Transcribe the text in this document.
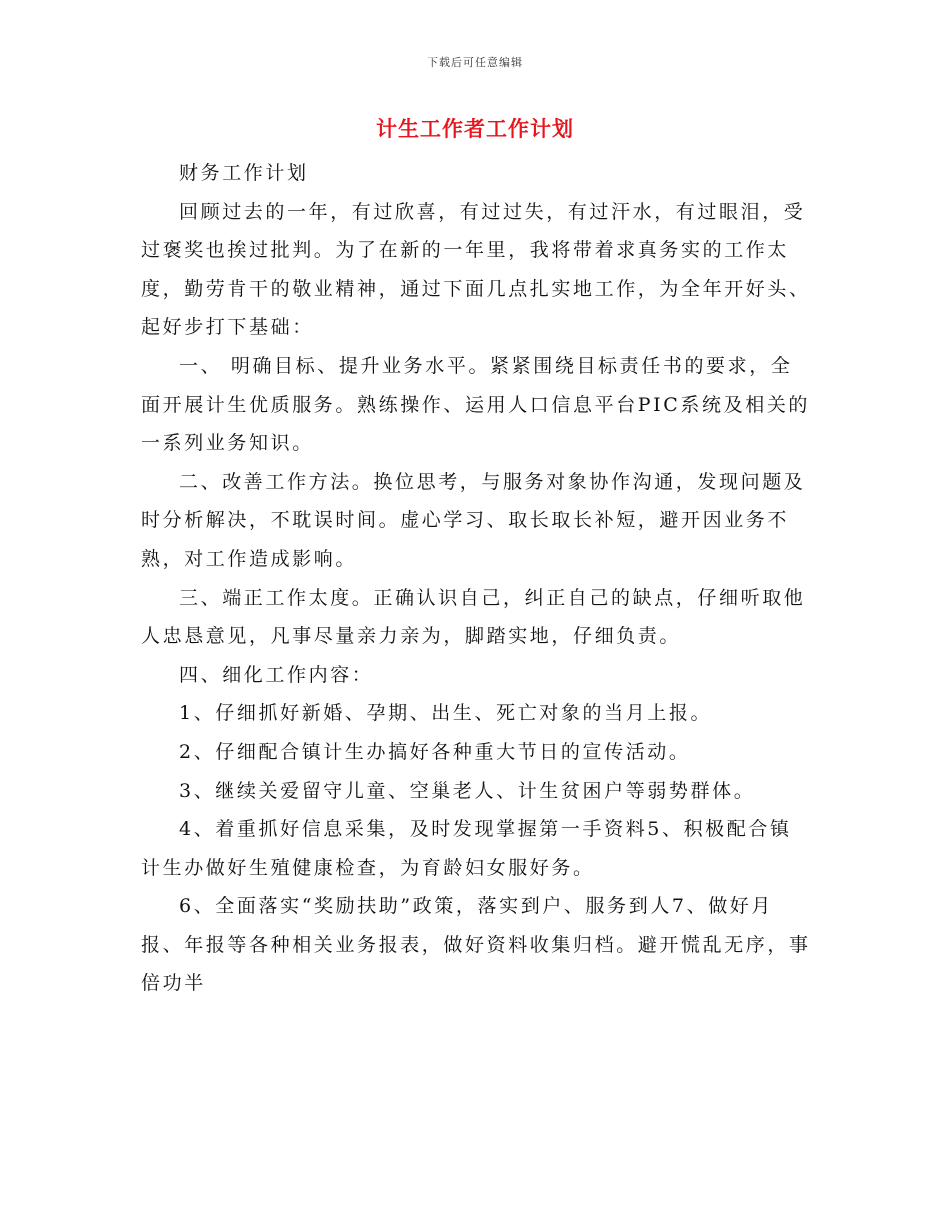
下载后可任意编辑
计生工作者工作计划

财务工作计划

回顾过去的一年，有过欣喜，有过过失，有过汗水，有过眼泪，受过褒奖也挨过批判。为了在新的一年里，我将带着求真务实的工作太度，勤劳肯干的敬业精神，通过下面几点扎实地工作，为全年开好头、起好步打下基础：

一、 明确目标、提升业务水平。紧紧围绕目标责任书的要求，全面开展计生优质服务。熟练操作、运用人口信息平台PIC系统及相关的一系列业务知识。

二、改善工作方法。换位思考，与服务对象协作沟通，发现问题及时分析解决，不耽误时间。虚心学习、取长取长补短，避开因业务不熟，对工作造成影响。

三、端正工作太度。正确认识自己，纠正自己的缺点，仔细听取他人忠恳意见，凡事尽量亲力亲为，脚踏实地，仔细负责。

四、细化工作内容：

1、仔细抓好新婚、孕期、出生、死亡对象的当月上报。

2、仔细配合镇计生办搞好各种重大节日的宣传活动。

3、继续关爱留守儿童、空巢老人、计生贫困户等弱势群体。

4、着重抓好信息采集，及时发现掌握第一手资料5、积极配合镇计生办做好生殖健康检查，为育龄妇女服好务。

6、全面落实“奖励扶助”政策，落实到户、服务到人7、做好月报、年报等各种相关业务报表，做好资料收集归档。避开慌乱无序，事倍功半
